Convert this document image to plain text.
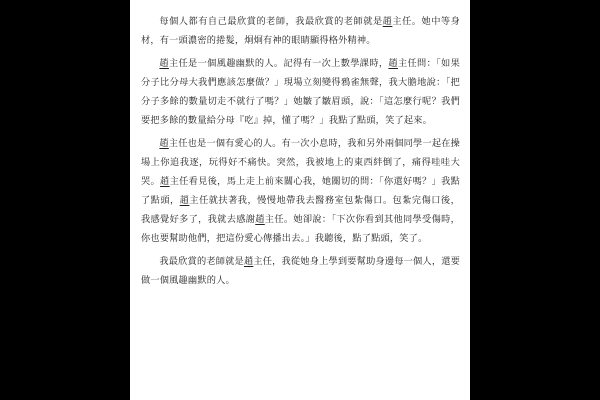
每個人都有自己最欣賞的老師，我最欣賞的老師就是趙主任。她中等身材，有一頭濃密的捲髮，炯炯有神的眼睛顯得格外精神。

趙主任是一個風趣幽默的人。記得有一次上數學課時，趙主任問：「如果分子比分母大我們應該怎麼做？」現場立刻變得鴉雀無聲，我大膽地說：「把分子多餘的數量切走不就行了嗎？」她皺了皺眉頭，說：「這怎麼行呢？我們要把多餘的數量給分母『吃』掉，懂了嗎？」我點了點頭，笑了起來。

趙主任也是一個有愛心的人。有一次小息時，我和另外兩個同學一起在操場上你追我逐，玩得好不痛快。突然，我被地上的東西絆倒了，痛得哇哇大哭。趙主任看見後，馬上走上前來關心我，她關切的問：「你還好嗎？」我點了點頭，趙主任就扶著我，慢慢地帶我去醫務室包紮傷口。包紮完傷口後，我感覺好多了，我就去感謝趙主任。她卻說：「下次你看到其他同學受傷時，你也要幫助他們，把這份愛心傳播出去。」我聽後，點了點頭，笑了。

我最欣賞的老師就是趙主任，我從她身上學到要幫助身邊每一個人，還要做一個風趣幽默的人。
